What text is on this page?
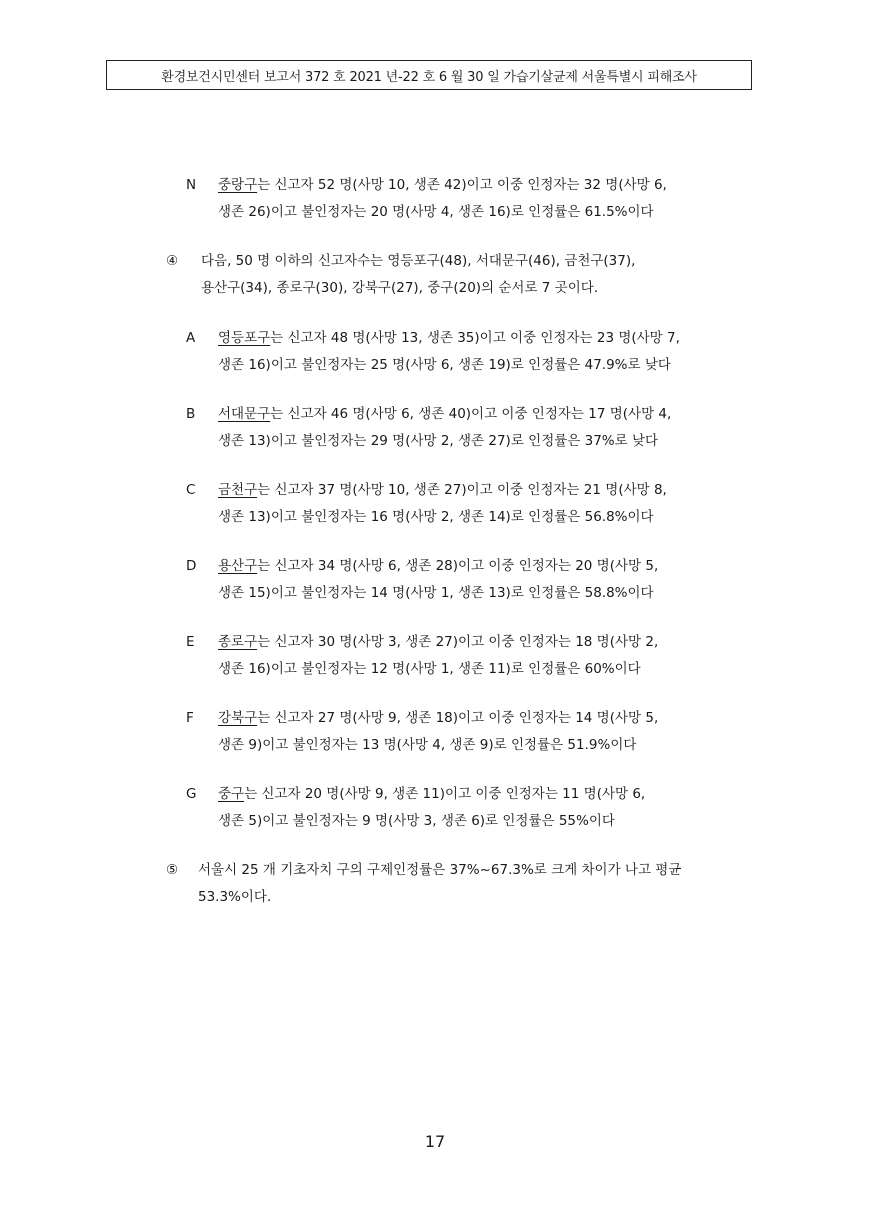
환경보건시민센터 보고서 372 호 2021 년-22 호 6 월 30 일 가습기살균제 서울특별시 피해조사
N 중랑구는 신고자 52 명(사망 10, 생존 42)이고 이중 인정자는 32 명(사망 6,
생존 26)이고 불인정자는 20 명(사망 4, 생존 16)로 인정률은 61.5%이다
④ 다음, 50 명 이하의 신고자수는 영등포구(48), 서대문구(46), 금천구(37),
용산구(34), 종로구(30), 강북구(27), 중구(20)의 순서로 7 곳이다.
A 영등포구는 신고자 48 명(사망 13, 생존 35)이고 이중 인정자는 23 명(사망 7,
생존 16)이고 불인정자는 25 명(사망 6, 생존 19)로 인정률은 47.9%로 낮다
B 서대문구는 신고자 46 명(사망 6, 생존 40)이고 이중 인정자는 17 명(사망 4,
생존 13)이고 불인정자는 29 명(사망 2, 생존 27)로 인정률은 37%로 낮다
C 금천구는 신고자 37 명(사망 10, 생존 27)이고 이중 인정자는 21 명(사망 8,
생존 13)이고 불인정자는 16 명(사망 2, 생존 14)로 인정률은 56.8%이다
D 용산구는 신고자 34 명(사망 6, 생존 28)이고 이중 인정자는 20 명(사망 5,
생존 15)이고 불인정자는 14 명(사망 1, 생존 13)로 인정률은 58.8%이다
E 종로구는 신고자 30 명(사망 3, 생존 27)이고 이중 인정자는 18 명(사망 2,
생존 16)이고 불인정자는 12 명(사망 1, 생존 11)로 인정률은 60%이다
F 강북구는 신고자 27 명(사망 9, 생존 18)이고 이중 인정자는 14 명(사망 5,
생존 9)이고 불인정자는 13 명(사망 4, 생존 9)로 인정률은 51.9%이다
G 중구는 신고자 20 명(사망 9, 생존 11)이고 이중 인정자는 11 명(사망 6,
생존 5)이고 불인정자는 9 명(사망 3, 생존 6)로 인정률은 55%이다
⑤ 서울시 25 개 기초자치 구의 구제인정률은 37%~67.3%로 크게 차이가 나고 평균
53.3%이다.
17
